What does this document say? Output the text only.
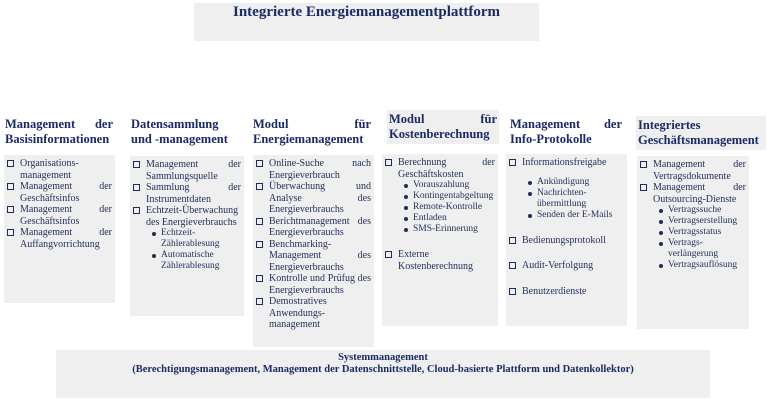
Integrierte Energiemanagementplattform
Management der Basisinformationen
Datensammlung und -management
Modul für Energiemanagement
Modul für Kostenberechnung
Management der Info-Protokolle
Integriertes Geschäftsmanagement
Organisations-management
Management der Geschäftsinfos
Management der Geschäftsinfos
Management der Auffangvorrichtung
Management der Sammlungsquelle
Sammlung der Instrumentdaten
Echtzeit-Überwachung des Energieverbrauchs
Echtzeit-Zählerablesung
Automatische Zählerablesung
Online-Suche nach Energieverbrauch
Überwachung und Analyse des Energieverbrauchs
Berichtmanagement des Energieverbrauchs
Benchmarking-Management des Energieverbrauchs
Kontrolle und Prüfug des Energieverbrauchs
Demostratives Anwendungs-management
Berechnung der Geschäftskosten
Vorauszahlung
Kontingentabgeltung
Remote-Kontrolle
Entladen
SMS-Erinnerung
Externe Kostenberechnung
Informationsfreigabe
Ankündigung
Nachrichten-übermittlung
Senden der E-Mails
Bedienungsprotokoll
Audit-Verfolgung
Benutzerdienste
Management der Vertragsdokumente
Management der Outsourcing-Dienste
Vertragssuche
Vertragserstellung
Vertragsstatus
Vertrags-verlängerung
Vertragsauflösung
Systemmanagement
(Berechtigungsmanagement, Management der Datenschnittstelle, Cloud-basierte Plattform und Datenkollektor)
